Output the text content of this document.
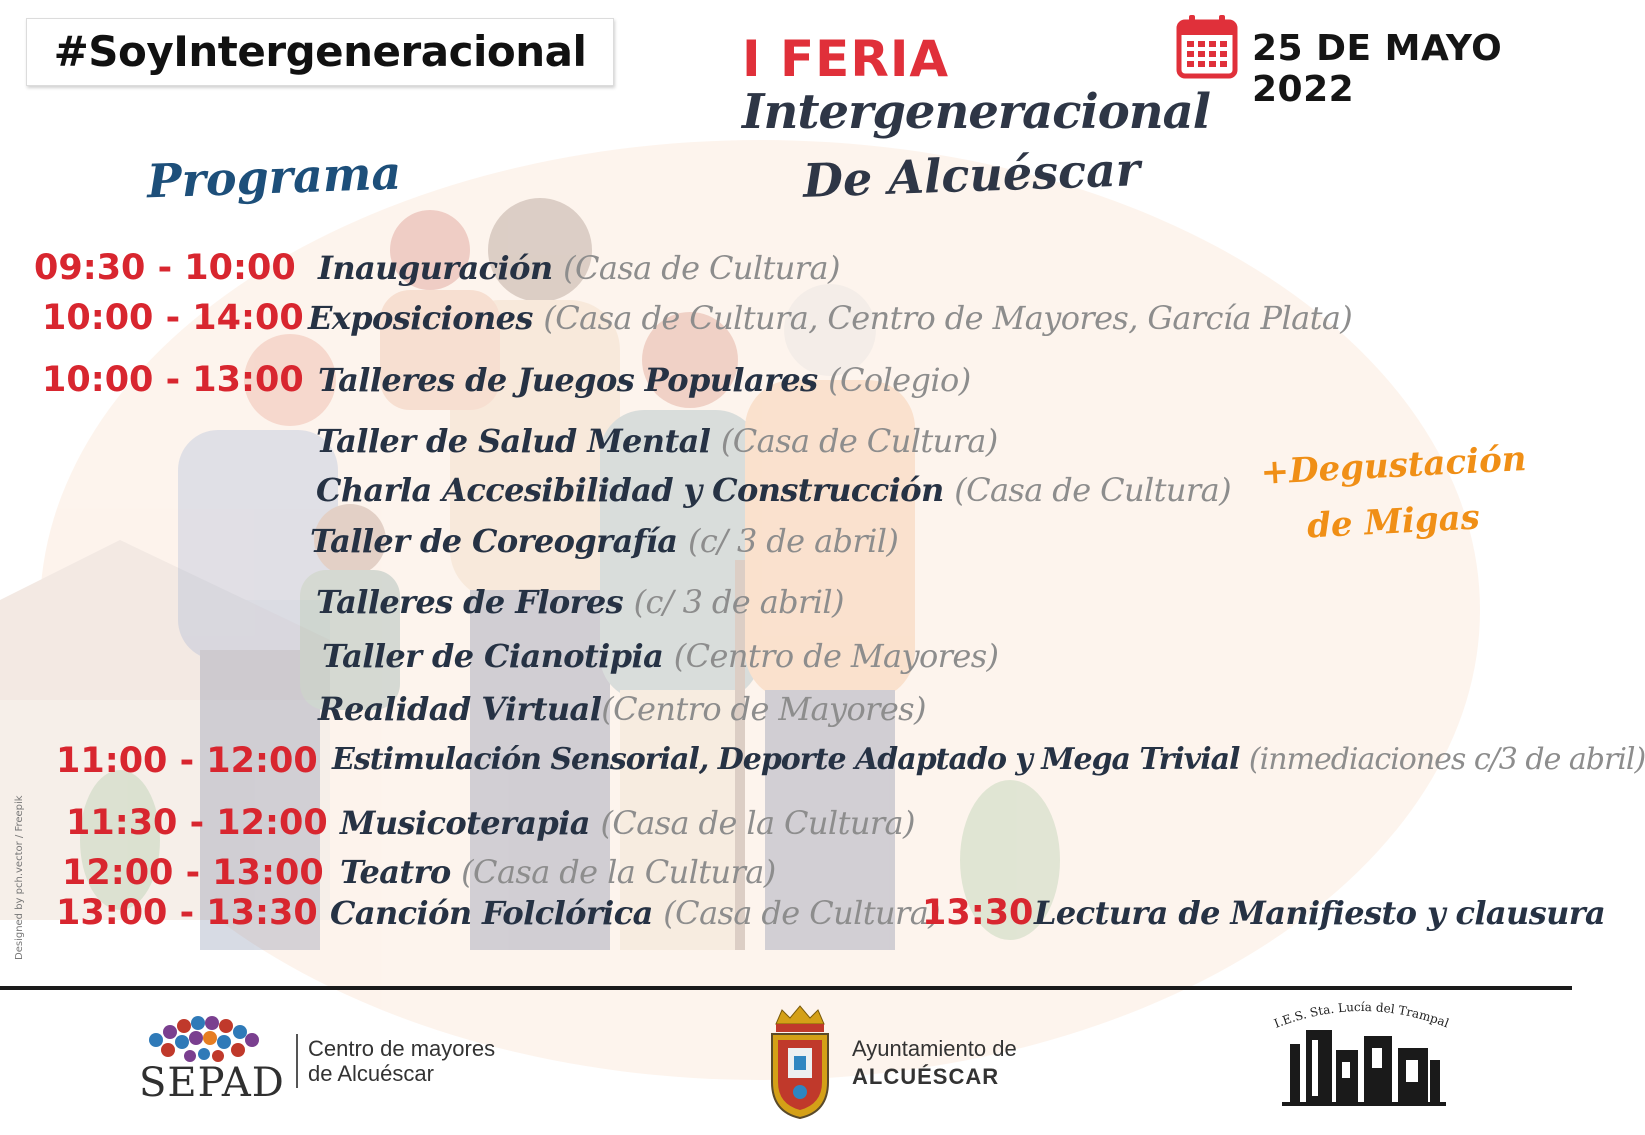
#SoyIntergeneracional	I FERIA
Intergeneracional
De Alcuéscar
25 DE MAYO 2022
Programa
09:30 - 10:00 Inauguración (Casa de Cultura)
10:00 - 14:00 Exposiciones (Casa de Cultura, Centro de Mayores, García Plata)
10:00 - 13:00 Talleres de Juegos Populares (Colegio)
Taller de Salud Mental (Casa de Cultura)
Charla Accesibilidad y Construcción (Casa de Cultura)
Taller de Coreografía (c/ 3 de abril)
Talleres de Flores (c/ 3 de abril)
Taller de Cianotipia (Centro de Mayores)
Realidad Virtual(Centro de Mayores)
11:00 - 12:00 Estimulación Sensorial, Deporte Adaptado y Mega Trivial (inmediaciones c/3 de abril)
11:30 - 12:00 Musicoterapia (Casa de la Cultura)
12:00 - 13:00 Teatro (Casa de la Cultura)
13:00 - 13:30 Canción Folclórica (Casa de Cultura)
13:30 Lectura de Manifiesto y clausura
+Degustación
de Migas
Designed by pch.vector / Freepik
SEPAD
Centro de mayores
de Alcuéscar
Ayuntamiento de
ALCUÉSCAR
I.E.S. Sta. Lucía del Trampal
